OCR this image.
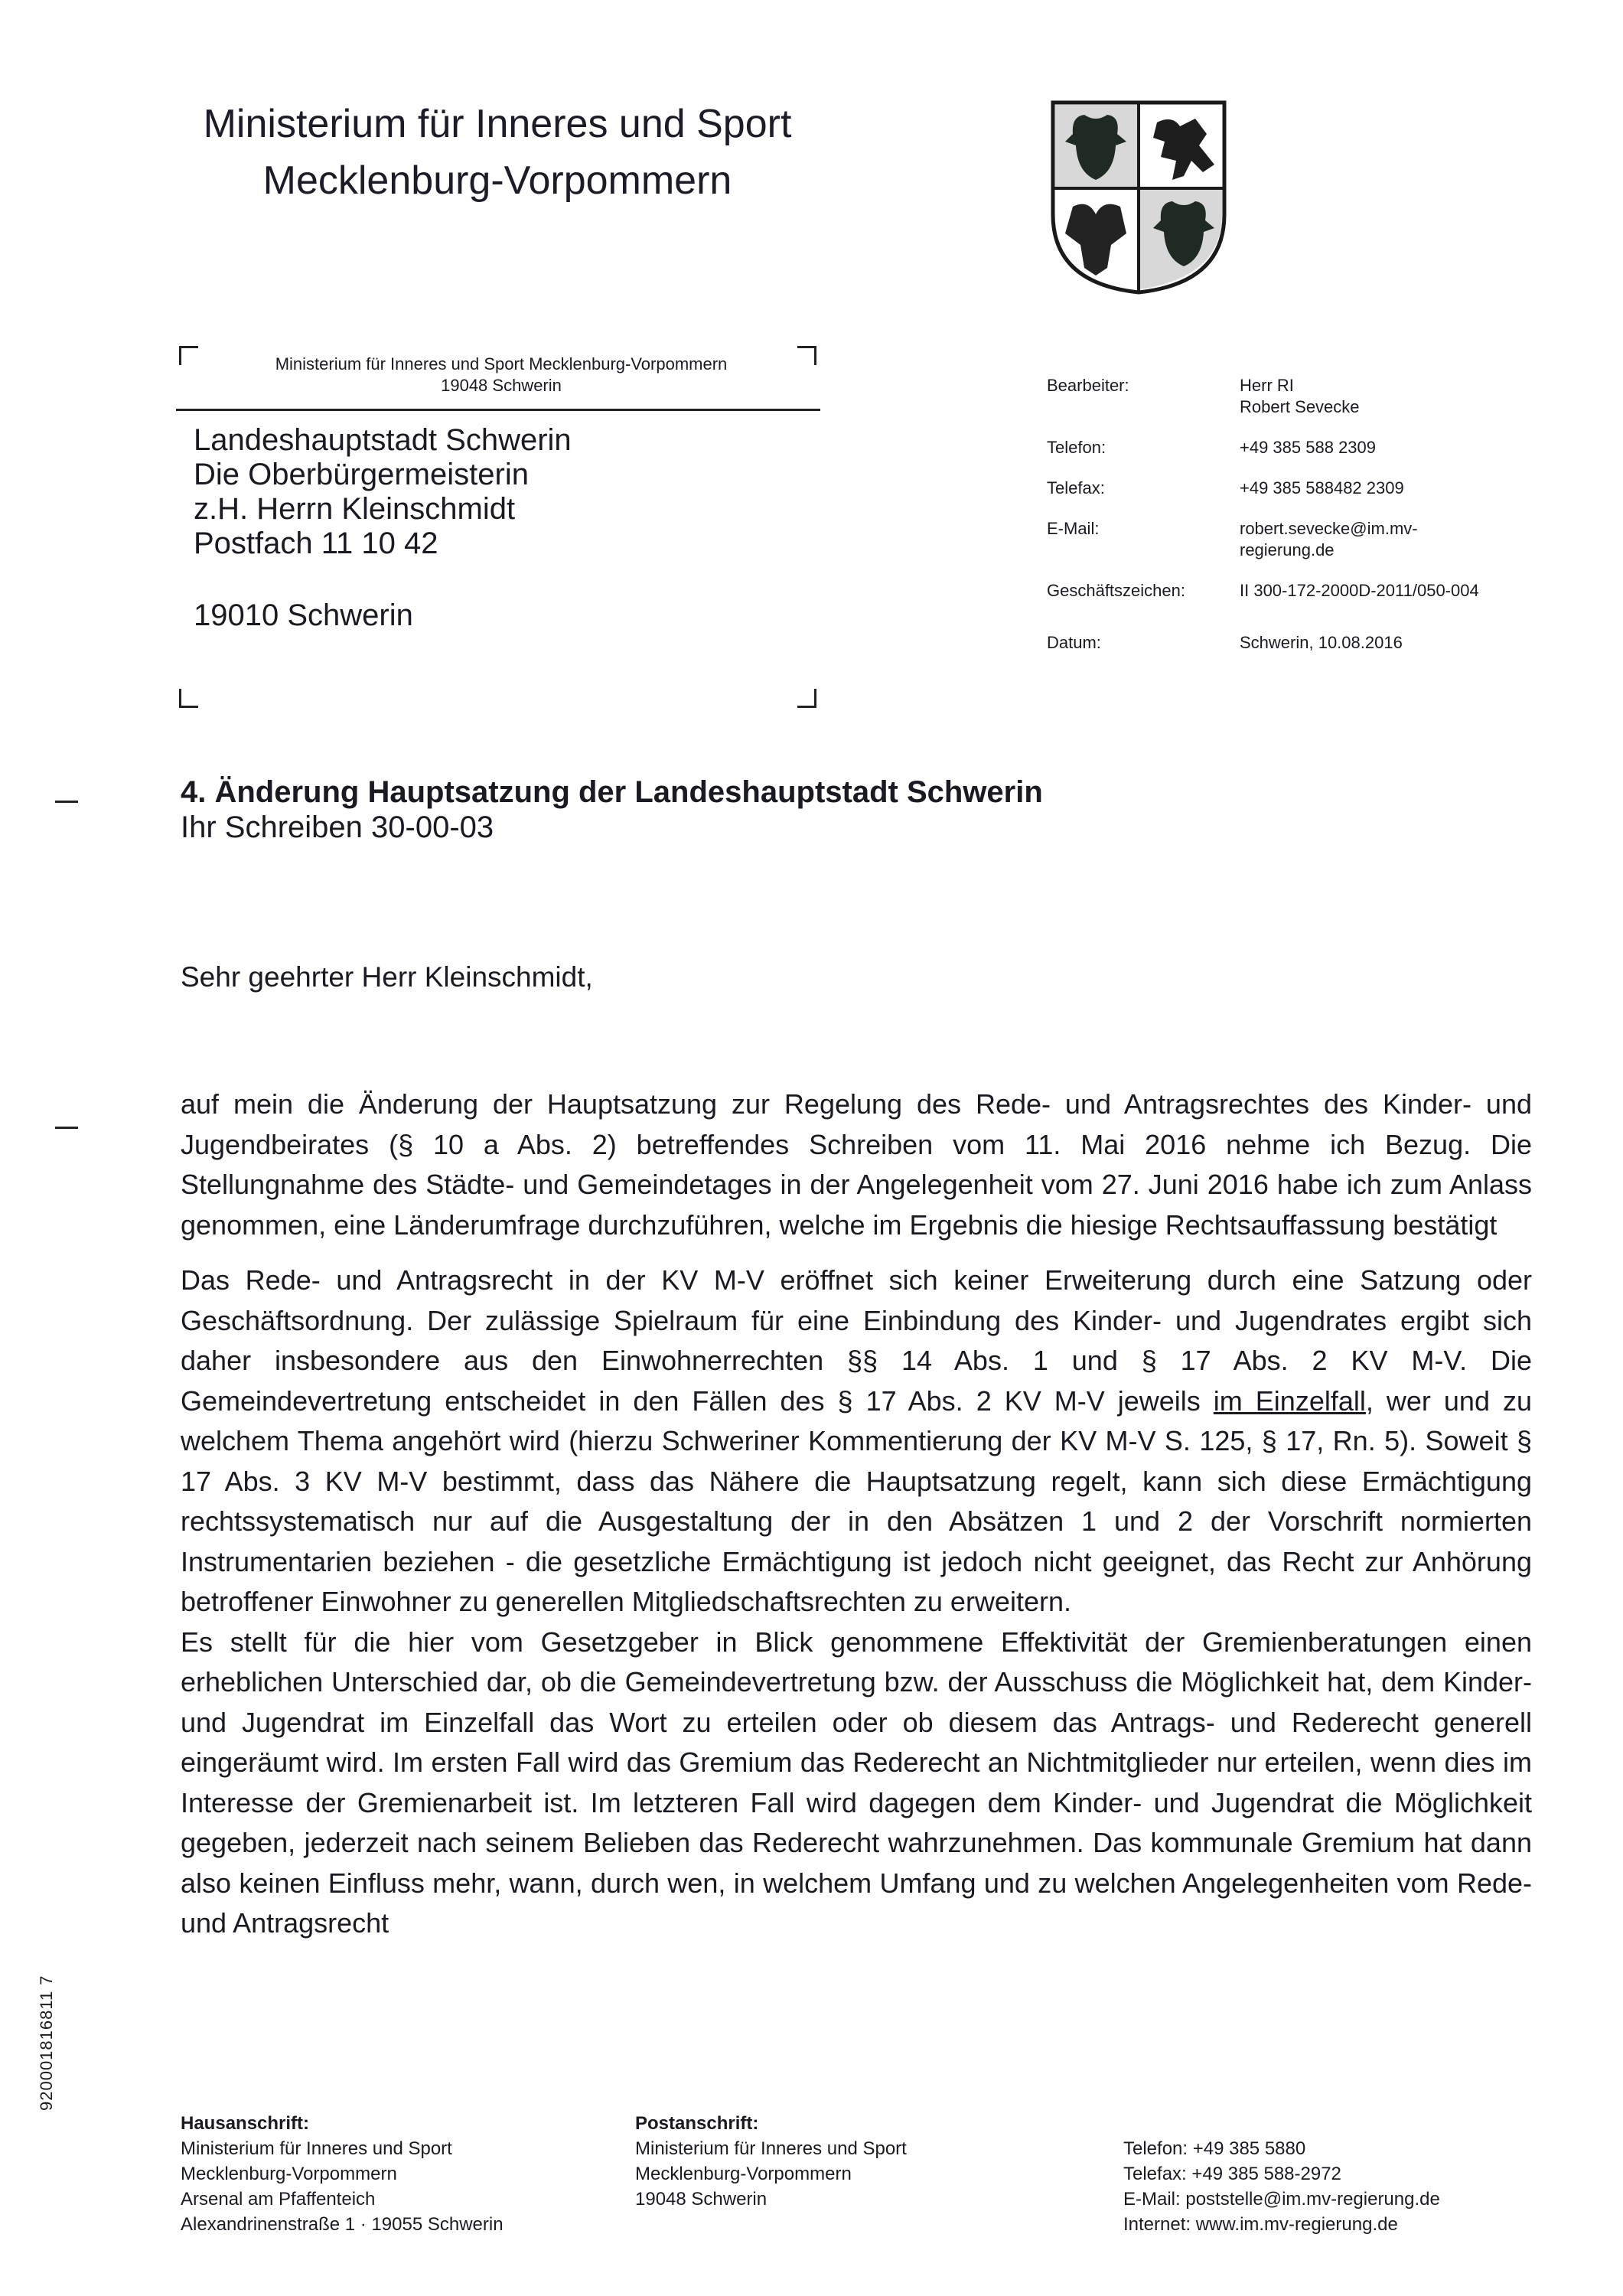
Ministerium für Inneres und Sport
Mecklenburg-Vorpommern
Ministerium für Inneres und Sport Mecklenburg-Vorpommern
19048 Schwerin
Landeshauptstadt Schwerin
Die Oberbürgermeisterin
z.H. Herrn Kleinschmidt
Postfach 11 10 42
19010 Schwerin
Bearbeiter:	Herr RI
Robert Sevecke
Telefon:	+49 385 588 2309
Telefax:	+49 385 588482 2309
E-Mail:	robert.sevecke@im.mv-
regierung.de
Geschäftszeichen:	II 300-172-2000D-2011/050-004
Datum:	Schwerin, 10.08.2016
4. Änderung Hauptsatzung der Landeshauptstadt Schwerin
Ihr Schreiben 30-00-03
Sehr geehrter Herr Kleinschmidt,

auf mein die Änderung der Hauptsatzung zur Regelung des Rede- und Antragsrechtes des Kinder- und Jugendbeirates (§ 10 a Abs. 2) betreffendes Schreiben vom 11. Mai 2016 nehme ich Bezug. Die Stellungnahme des Städte- und Gemeindetages in der Angelegenheit vom 27. Juni 2016 habe ich zum Anlass genommen, eine Länderumfrage durchzuführen, welche im Ergebnis die hiesige Rechtsauffassung bestätigt

Das Rede- und Antragsrecht in der KV M-V eröffnet sich keiner Erweiterung durch eine Satzung oder Geschäftsordnung. Der zulässige Spielraum für eine Einbindung des Kinder- und Jugendrates ergibt sich daher insbesondere aus den Einwohnerrechten §§ 14 Abs. 1 und § 17 Abs. 2 KV M-V. Die Gemeindevertretung entscheidet in den Fällen des § 17 Abs. 2 KV M-V jeweils im Einzelfall, wer und zu welchem Thema angehört wird (hierzu Schweriner Kommentierung der KV M-V S. 125, § 17, Rn. 5). Soweit § 17 Abs. 3 KV M-V bestimmt, dass das Nähere die Hauptsatzung regelt, kann sich diese Ermächtigung rechtssystematisch nur auf die Ausgestaltung der in den Absätzen 1 und 2 der Vorschrift normierten Instrumentarien beziehen - die gesetzliche Ermächtigung ist jedoch nicht geeignet, das Recht zur Anhörung betroffener Einwohner zu generellen Mitgliedschaftsrechten zu erweitern.

Es stellt für die hier vom Gesetzgeber in Blick genommene Effektivität der Gremienberatungen einen erheblichen Unterschied dar, ob die Gemeindevertretung bzw. der Ausschuss die Möglichkeit hat, dem Kinder- und Jugendrat im Einzelfall das Wort zu erteilen oder ob diesem das Antrags- und Rederecht generell eingeräumt wird. Im ersten Fall wird das Gremium das Rederecht an Nichtmitglieder nur erteilen, wenn dies im Interesse der Gremienarbeit ist. Im letzteren Fall wird dagegen dem Kinder- und Jugendrat die Möglichkeit gegeben, jederzeit nach seinem Belieben das Rederecht wahrzunehmen. Das kommunale Gremium hat dann also keinen Einfluss mehr, wann, durch wen, in welchem Umfang und zu welchen Angelegenheiten vom Rede- und Antragsrecht

920001816811 7
Hausanschrift:
Ministerium für Inneres und Sport
Mecklenburg-Vorpommern
Arsenal am Pfaffenteich
Alexandrinenstraße 1 · 19055 Schwerin
Postanschrift:
Ministerium für Inneres und Sport
Mecklenburg-Vorpommern
19048 Schwerin
Telefon: +49 385 5880
Telefax: +49 385 588-2972
E-Mail: poststelle@im.mv-regierung.de
Internet: www.im.mv-regierung.de
